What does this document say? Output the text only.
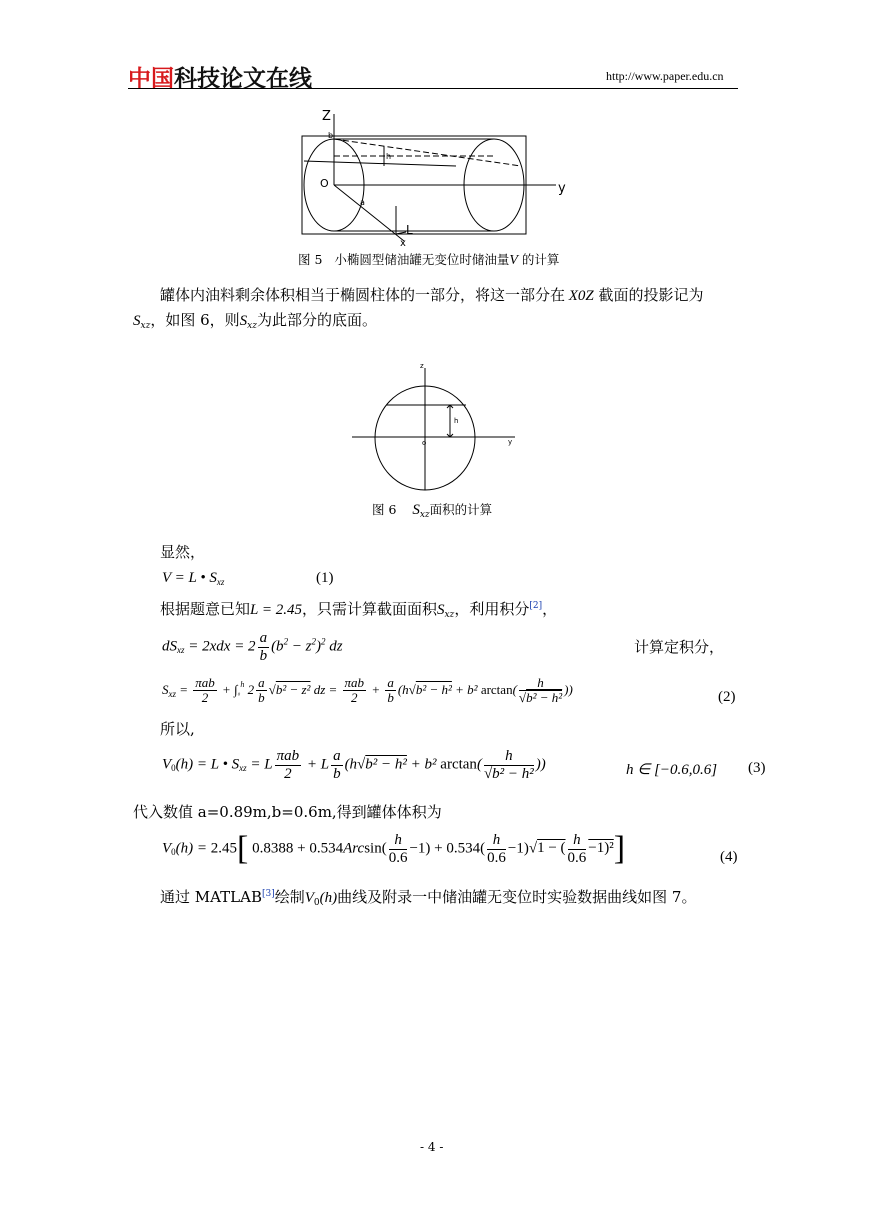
中国科技论文在线	http://www.paper.edu.cn
Z
b
O
h
a
y
L
x
图 5 小椭圆型储油罐无变位时储油量V 的计算
罐体内油料剩余体积相当于椭圆柱体的一部分，将这一部分在 X0Z 截面的投影记为
$S_{xz}$，如图 6，则$S_{xz}$为此部分的底面。
z
h
o	y
图 6 $S_{xz}$面积的计算
显然，
V = L • $S_{xz}$	(1)
根据题意已知L = 2.45，只需计算截面面积$S_{xz}$，利用积分[2]，
$dS_{xz} = 2xdx = 2 \frac{a}{b} (b^2 - z^2)^2$ dz	计算定积分，
$S_{xz} = \frac{\text{πab}}{2} + \int_0^h$ $2 \frac{a}{b} √b^2 - z^2$ dz = $\frac{\text{πab}}{2} + \frac{a}{b} (h√b^2 - h^2 + b^2$ $\arctan( \frac{h}{\text{√b² − h²}}$ ))	(2)
所以,
$V_0(h) = L$ • $S_{xz} = L \frac{\text{πab}}{2} + L \frac{a}{b} (h√b^2 - h^2 + b^2$ $\arctan( \frac{h}{\text{√b² − h²}}$ ))	h ∈ [−0.6,0.6] (3)
代入数值 a=0.89m,b=0.6m,得到罐体体积为
$V_0(h) = 2.45$[ $0.8388 + 0.534Arcsin( \frac{h}{0.6} -1) + 0.534( \frac{h}{0.6} -1)√1$ − ( $\frac{h}{0.6} -1)^2$]	(4)
通过 MATLAB[3]绘制$V_0(h)$曲线及附录一中储油罐无变位时实验数据曲线如图 7。
- 4 -
